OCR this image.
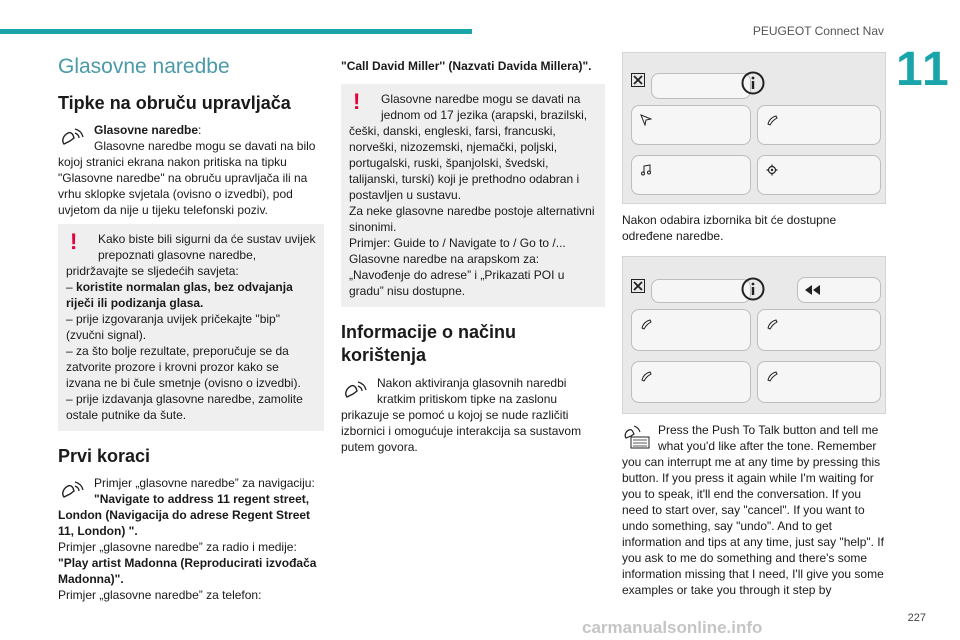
PEUGEOT Connect Nav
11
Glasovne naredbe
Tipke na obruču upravljača
Glasovne naredbe:
Glasovne naredbe mogu se davati na bilo kojoj stranici ekrana nakon pritiska na tipku "Glasovne naredbe" na obruču upravljača ili na vrhu sklopke svjetala (ovisno o izvedbi), pod uvjetom da nije u tijeku telefonski poziv.
!	Kako biste bili sigurni da će sustav uvijek prepoznati glasovne naredbe, pridržavajte se sljedećih savjeta:
– koristite normalan glas, bez odvajanja riječi ili podizanja glasa.
– prije izgovaranja uvijek pričekajte "bip" (zvučni signal).
– za što bolje rezultate, preporučuje se da zatvorite prozore i krovni prozor kako se izvana ne bi čule smetnje (ovisno o izvedbi).
– prije izdavanja glasovne naredbe, zamolite ostale putnike da šute.
Prvi koraci
Primjer „glasovne naredbe” za navigaciju:
"Navigate to address 11 regent street, London (Navigacija do adrese Regent Street 11, London) ".
Primjer „glasovne naredbe” za radio i medije:
"Play artist Madonna (Reproducirati izvođača Madonna)".
Primjer „glasovne naredbe” za telefon:
"Call David Miller'' (Nazvati Davida Millera)".
!	Glasovne naredbe mogu se davati na jednom od 17 jezika (arapski, brazilski, češki, danski, engleski, farsi, francuski, norveški, nizozemski, njemački, poljski, portugalski, ruski, španjolski, švedski, talijanski, turski) koji je prethodno odabran i postavljen u sustavu.
Za neke glasovne naredbe postoje alternativni sinonimi.
Primjer: Guide to / Navigate to / Go to /...
Glasovne naredbe na arapskom za: „Navođenje do adrese” i „Prikazati POI u gradu” nisu dostupne.
Informacije o načinu korištenja
Nakon aktiviranja glasovnih naredbi kratkim pritiskom tipke na zaslonu prikazuje se pomoć u kojoj se nude različiti izbornici i omogućuje interakcija sa sustavom putem govora.
Nakon odabira izbornika bit će dostupne određene naredbe.
Press the Push To Talk button and tell me what you'd like after the tone. Remember you can interrupt me at any time by pressing this button. If you press it again while I'm waiting for you to speak, it'll end the conversation. If you need to start over, say "cancel". If you want to undo something, say "undo". And to get information and tips at any time, just say "help". If you ask to me do something and there's some information missing that I need, I'll give you some examples or take you through it step by
227
carmanualsonline.info
